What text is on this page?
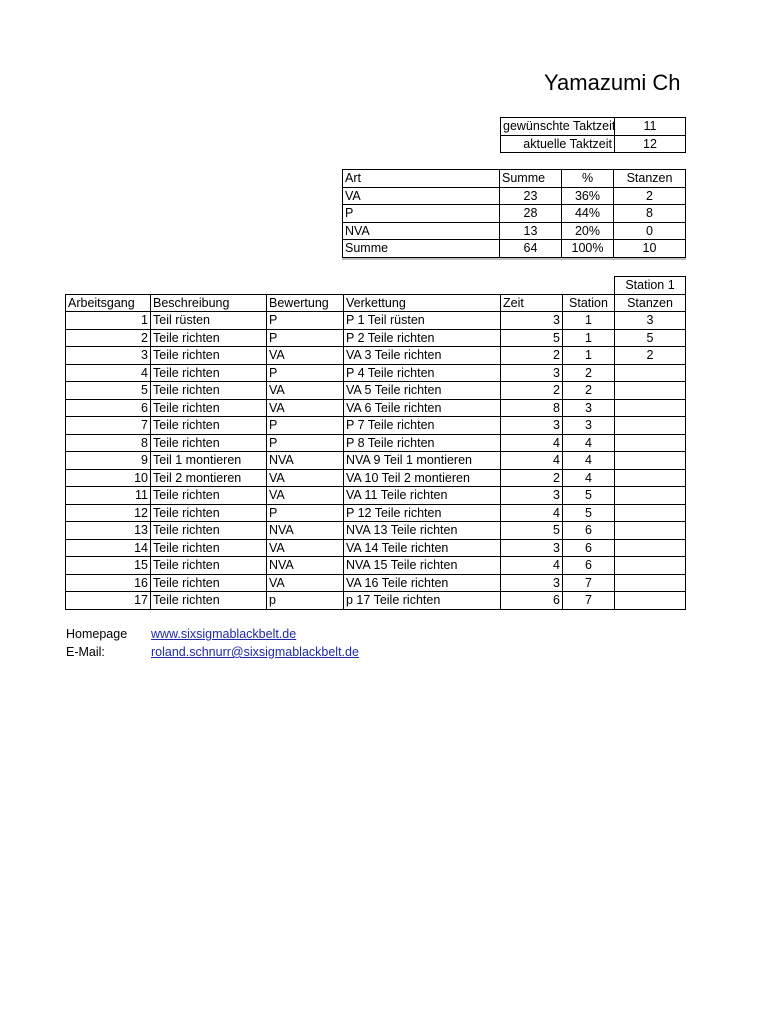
Yamazumi Ch
gewünschte Taktzeit	11
aktuelle Taktzeit	12
Art	Summe	%	Stanzen
VA	23	36%	2
P	28	44%	8
NVA	13	20%	0
Summe	64	100%	10
						Station 1
Arbeitsgang	Beschreibung	Bewertung	Verkettung	Zeit	Station	Stanzen
1	Teil rüsten	P	P 1 Teil rüsten	3	1	3
2	Teile richten	P	P 2 Teile richten	5	1	5
3	Teile richten	VA	VA 3 Teile richten	2	1	2
4	Teile richten	P	P 4 Teile richten	3	2	
5	Teile richten	VA	VA 5 Teile richten	2	2	
6	Teile richten	VA	VA 6 Teile richten	8	3	
7	Teile richten	P	P 7 Teile richten	3	3	
8	Teile richten	P	P 8 Teile richten	4	4	
9	Teil 1 montieren	NVA	NVA 9 Teil 1 montieren	4	4	
10	Teil 2 montieren	VA	VA 10 Teil 2 montieren	2	4	
11	Teile richten	VA	VA 11 Teile richten	3	5	
12	Teile richten	P	P 12 Teile richten	4	5	
13	Teile richten	NVA	NVA 13 Teile richten	5	6	
14	Teile richten	VA	VA 14 Teile richten	3	6	
15	Teile richten	NVA	NVA 15 Teile richten	4	6	
16	Teile richten	VA	VA 16 Teile richten	3	7	
17	Teile richten	p	p 17 Teile richten	6	7	
Homepage www.sixsigmablackbelt.de
E-Mail:	roland.schnurr@sixsigmablackbelt.de
